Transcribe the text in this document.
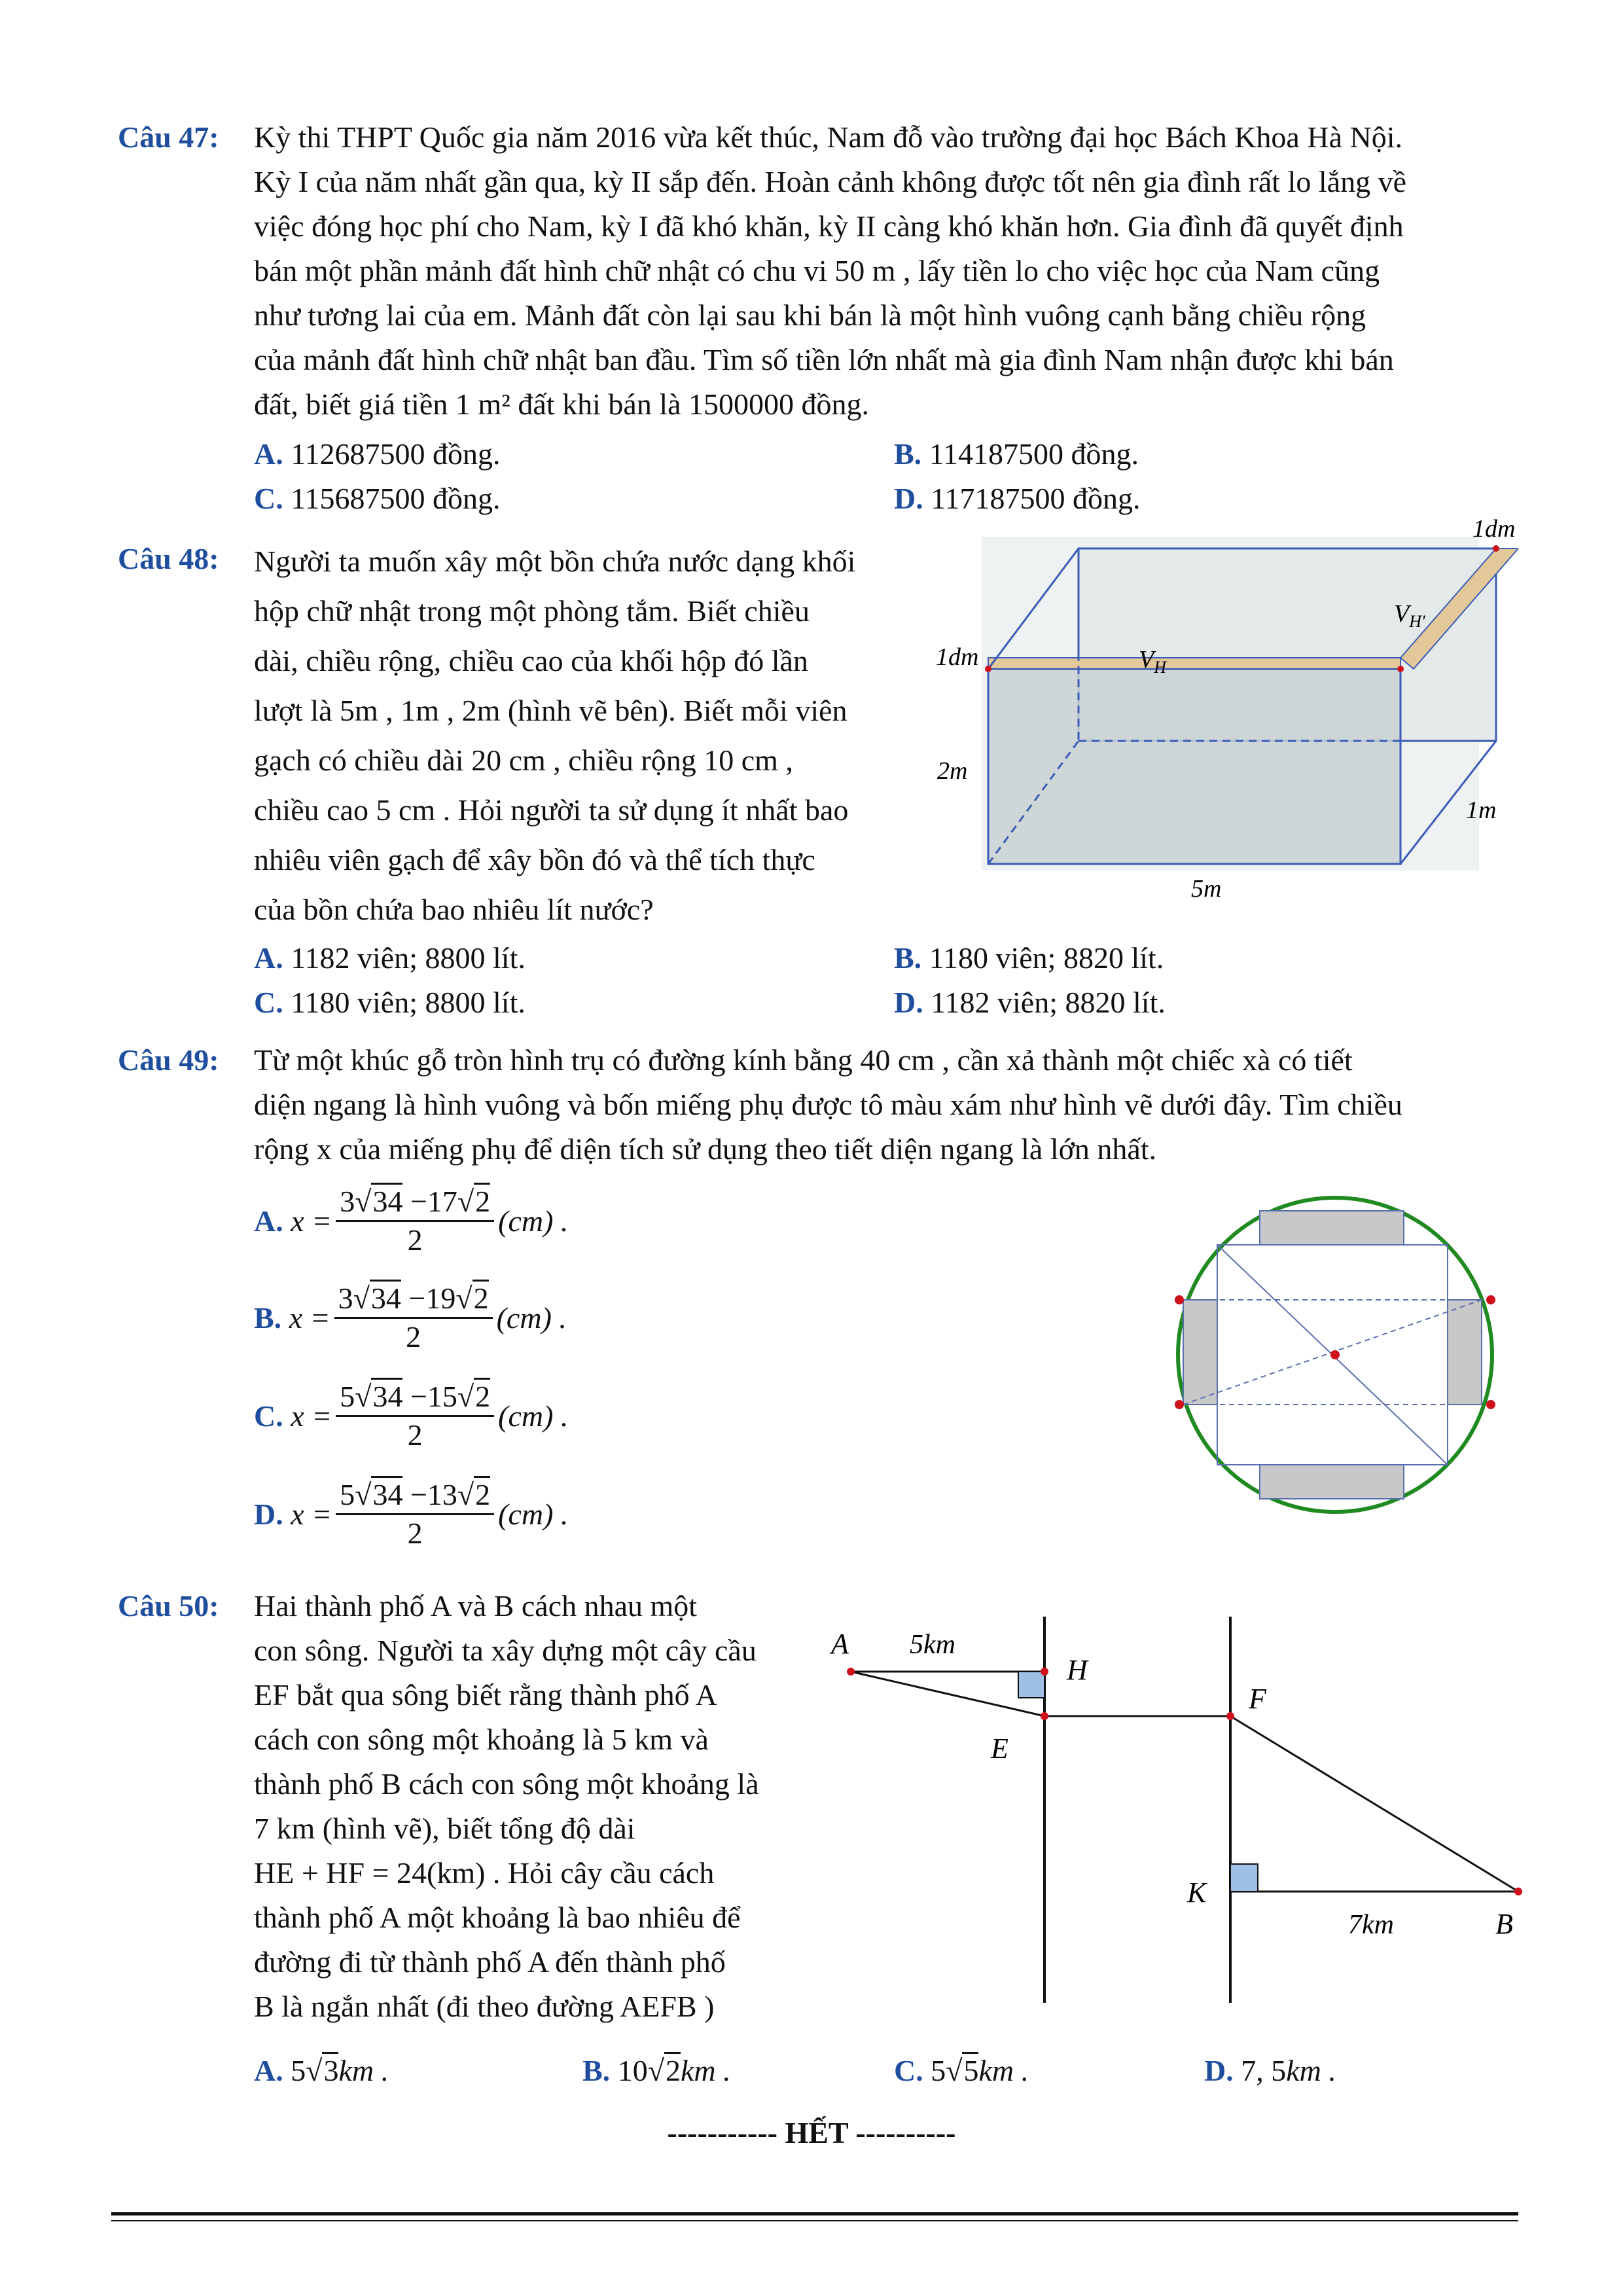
Câu 47: Kỳ thi THPT Quốc gia năm 2016 vừa kết thúc, Nam đỗ vào trường đại học Bách Khoa Hà Nội.
Kỳ I của năm nhất gần qua, kỳ II sắp đến. Hoàn cảnh không được tốt nên gia đình rất lo lắng về
việc đóng học phí cho Nam, kỳ I đã khó khăn, kỳ II càng khó khăn hơn. Gia đình đã quyết định
bán một phần mảnh đất hình chữ nhật có chu vi 50 m , lấy tiền lo cho việc học của Nam cũng
như tương lai của em. Mảnh đất còn lại sau khi bán là một hình vuông cạnh bằng chiều rộng
của mảnh đất hình chữ nhật ban đầu. Tìm số tiền lớn nhất mà gia đình Nam nhận được khi bán
đất, biết giá tiền 1 m² đất khi bán là 1500000 đồng.
A. 112687500 đồng.	B. 114187500 đồng.
C. 115687500 đồng.	D. 117187500 đồng.
Câu 48: Người ta muốn xây một bồn chứa nước dạng khối
hộp chữ nhật trong một phòng tắm. Biết chiều
dài, chiều rộng, chiều cao của khối hộp đó lần
lượt là 5m , 1m , 2m (hình vẽ bên). Biết mỗi viên
gạch có chiều dài 20 cm , chiều rộng 10 cm ,
chiều cao 5 cm . Hỏi người ta sử dụng ít nhất bao
nhiêu viên gạch để xây bồn đó và thể tích thực
của bồn chứa bao nhiêu lít nước?
1dm
1dm	$V_H$
$V_{H'}$
2m
1m
5m
A. 1182 viên; 8800 lít.	B. 1180 viên; 8820 lít.
C. 1180 viên; 8800 lít.	D. 1182 viên; 8820 lít.
Câu 49: Từ một khúc gỗ tròn hình trụ có đường kính bằng 40 cm , cần xả thành một chiếc xà có tiết
diện ngang là hình vuông và bốn miếng phụ được tô màu xám như hình vẽ dưới đây. Tìm chiều
rộng x của miếng phụ để diện tích sử dụng theo tiết diện ngang là lớn nhất.
A.
$x = \frac{3√34 -17√2}{2} (cm)$ .
B.
$x = \frac{3√34 -19√2}{2} (cm)$ .
C.
$x = \frac{5√34 -15√2}{2} (cm)$ .
D.
$x = \frac{5√34 -13√2}{2} (cm)$ .
Câu 50: Hai thành phố A và B cách nhau một
con sông. Người ta xây dựng một cây cầu
EF bắt qua sông biết rằng thành phố A
cách con sông một khoảng là 5 km và
thành phố B cách con sông một khoảng là
7 km (hình vẽ), biết tổng độ dài
HE + HF = 24(km) . Hỏi cây cầu cách
thành phố A một khoảng là bao nhiêu để
đường đi từ thành phố A đến thành phố
B là ngắn nhất (đi theo đường AEFB )
A 5km
H
E
F
K
7km	B
A. 5√3km .	B. 10√2km .	C. 5√5km .	D. 7, 5km .
----------- HẾT ----------
